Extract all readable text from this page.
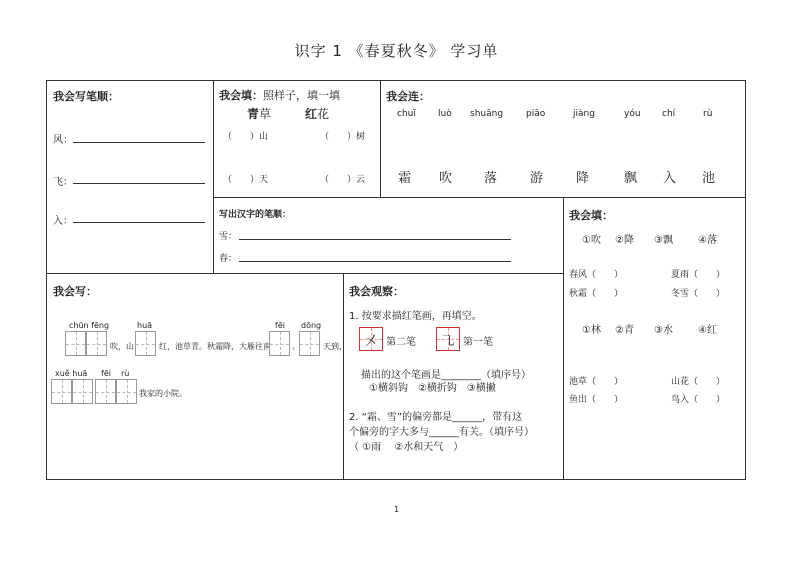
识字 1 《春夏秋冬》 学习单
我会写笔顺：
风：
飞：
入：
我会填：照样子，填一填
青草	红花
（　　）山	（　　）树
（　　）天	（　　）云
我会连：
chuī luò shuāng	piāo	jiàng	yóu chí	rù
霜 吹 落	游	降	飘 入 池
写出汉字的笔顺：
雪：
春：
我会填：
①吹 ②降 ③飘	④落
春风（　　）	夏雨（　　）
秋霜（　　）	冬雪（　　）
①林 ②青 ③水	④红
池草（　　）	山花（　　）
鱼出（　　）	鸟入（　　）
我会写：
chūn fēng	huā	fēi dōng
吹，山	红，池草青。秋霜降，大雁往南	。	天到，
xuě huā fēi rù
我家的小院。
我会观察：
1. 按要求描红笔画，再填空。
㐅 第二笔 ㇈ 第一笔
描出的这个笔画是________（填序号）
①横斜钩　②横折钩　③横撇
2. “霜、雪”的偏旁都是______，带有这
个偏旁的字大多与______有关。（填序号）
（ ①雨　 ②水和天气　）
1
